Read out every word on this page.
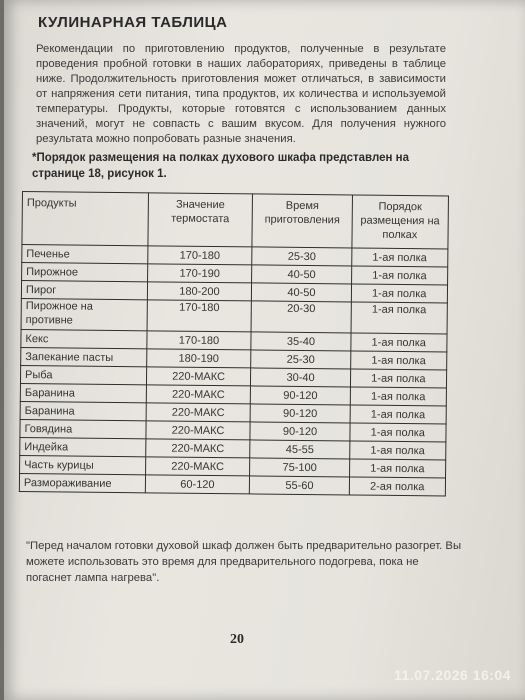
КУЛИНАРНАЯ ТАБЛИЦА
Рекомендации по приготовлению продуктов, полученные в результате проведения пробной готовки в наших лабораториях, приведены в таблице ниже. Продолжительность приготовления может отличаться, в зависимости от напряжения сети питания, типа продуктов, их количества и используемой температуры. Продукты, которые готовятся с использованием данных значений, могут не совпасть с вашим вкусом. Для получения нужного результата можно попробовать разные значения.
*Порядок размещения на полках духового шкафа представлен на странице 18, рисунок 1.
Продукты	Значение термостата	Время приготовления	Порядок размещения на полках
Печенье	170-180	25-30	1-ая полка
Пирожное	170-190	40-50	1-ая полка
Пирог	180-200	40-50	1-ая полка
Пирожное на противне	170-180	20-30	1-ая полка
Кекс	170-180	35-40	1-ая полка
Запекание пасты	180-190	25-30	1-ая полка
Рыба	220-МАКС	30-40	1-ая полка
Баранина	220-МАКС	90-120	1-ая полка
Баранина	220-МАКС	90-120	1-ая полка
Говядина	220-МАКС	90-120	1-ая полка
Индейка	220-МАКС	45-55	1-ая полка
Часть курицы	220-МАКС	75-100	1-ая полка
Размораживание	60-120	55-60	2-ая полка
"Перед началом готовки духовой шкаф должен быть предварительно разогрет. Вы можете использовать это время для предварительного подогрева, пока не погаснет лампа нагрева".
20
11.07.2026 16:04
